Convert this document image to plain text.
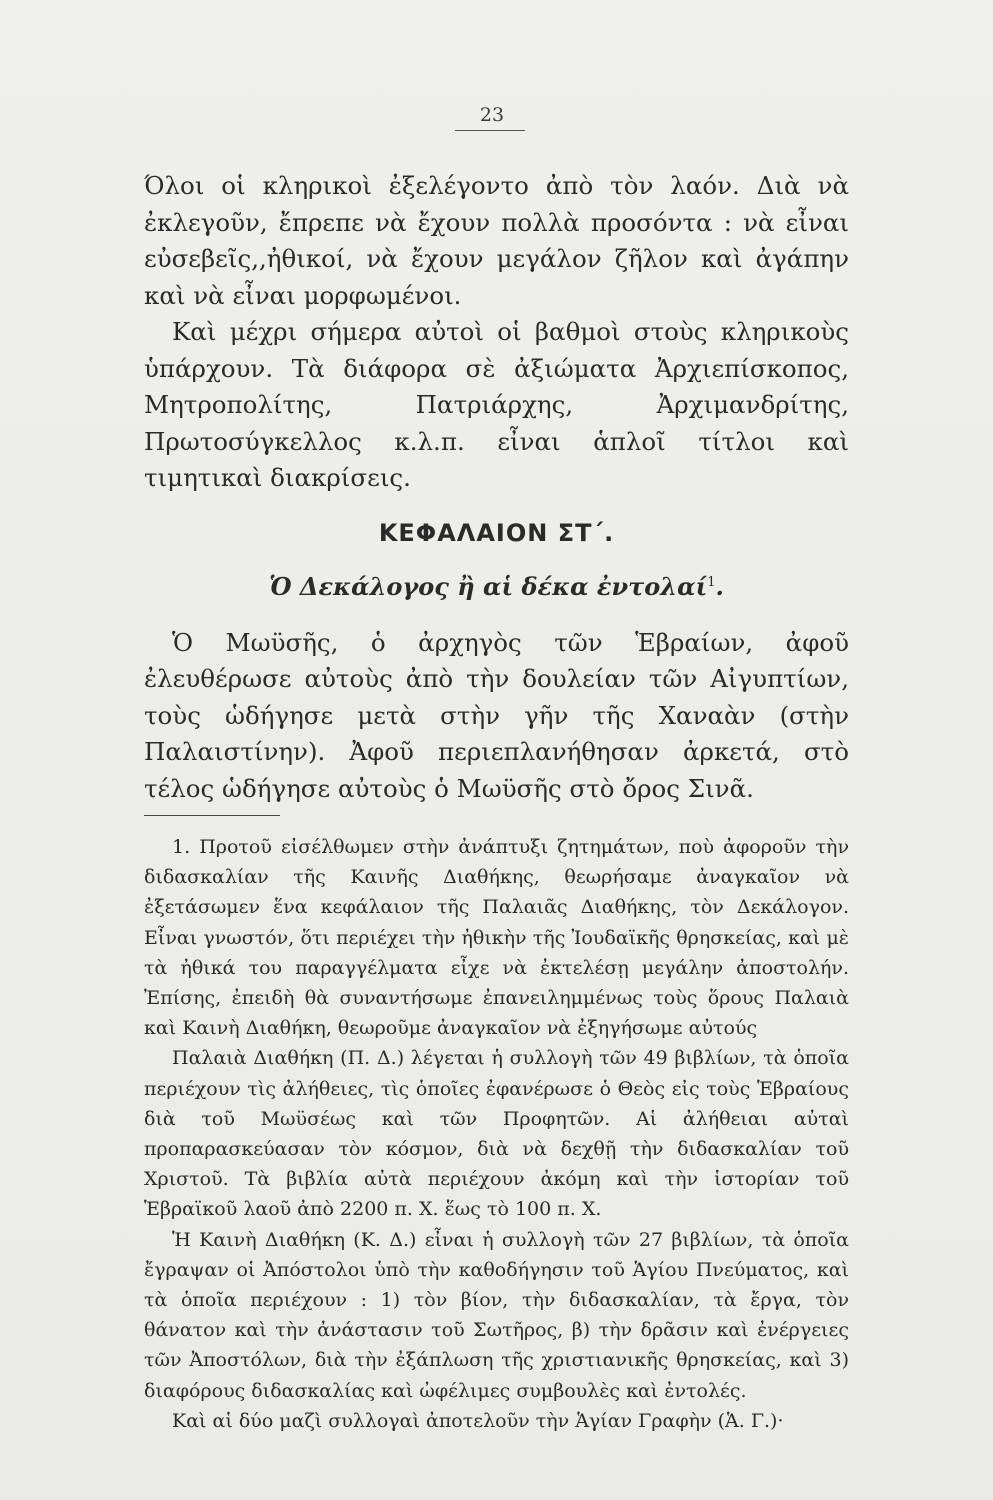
23

Όλοι οἱ κληρικοὶ ἐξελέγοντο ἀπὸ τὸν λαόν. Διὰ νὰ ἐκλεγοῦν, ἔπρεπε νὰ ἔχουν πολλὰ προσόντα : νὰ εἶναι εὐσεβεῖς,,ἠθικοί, νὰ ἔχουν μεγάλον ζῆλον καὶ ἀγάπην καὶ νὰ εἶναι μορφωμένοι.

Καὶ μέχρι σήμερα αὐτοὶ οἱ βαθμοὶ στοὺς κληρικοὺς ὑπάρχουν. Τὰ διάφορα σὲ ἀξιώματα Ἀρχιεπίσκοπος, Μητροπολίτης, Πατριάρχης, Ἀρχιμανδρίτης, Πρωτοσύγκελλος κ.λ.π. εἶναι ἁπλοῖ τίτλοι καὶ τιμητικαὶ διακρίσεις.

ΚΕΦΑΛΑΙΟΝ ΣΤ΄.
Ὁ Δεκάλογος ἢ αἱ δέκα ἐντολαί$^1$.

Ὁ Μωϋσῆς, ὁ ἀρχηγὸς τῶν Ἑβραίων, ἀφοῦ ἐλευθέρωσε αὐτοὺς ἀπὸ τὴν δουλείαν τῶν Αἰγυπτίων, τοὺς ὡδήγησε μετὰ στὴν γῆν τῆς Χαναὰν (στὴν Παλαιστίνην). Ἀφοῦ περιεπλανήθησαν ἀρκετά, στὸ τέλος ὡδήγησε αὐτοὺς ὁ Μωϋσῆς στὸ ὄρος Σινᾶ.

1. Προτοῦ εἰσέλθωμεν στὴν ἀνάπτυξι ζητημάτων, ποὺ ἀφοροῦν τὴν διδασκαλίαν τῆς Καινῆς Διαθήκης, θεωρήσαμε ἀναγκαῖον νὰ ἐξετάσωμεν ἕνα κεφάλαιον τῆς Παλαιᾶς Διαθήκης, τὸν Δεκάλογον. Εἶναι γνωστόν, ὅτι περιέχει τὴν ἠθικὴν τῆς Ἰουδαϊκῆς θρησκείας, καὶ μὲ τὰ ἠθικά του παραγγέλματα εἶχε νὰ ἐκτελέσῃ μεγάλην ἀποστολήν. Ἐπίσης, ἐπειδὴ θὰ συναντήσωμε ἐπανειλημμένως τοὺς ὅρους Παλαιὰ καὶ Καινὴ Διαθήκη, θεωροῦμε ἀναγκαῖον νὰ ἐξηγήσωμε αὐτούς

Παλαιὰ Διαθήκη (Π. Δ.) λέγεται ἡ συλλογὴ τῶν 49 βιβλίων, τὰ ὁποῖα περιέχουν τὶς ἀλήθειες, τὶς ὁποῖες ἐφανέρωσε ὁ Θεὸς εἰς τοὺς Ἑβραίους διὰ τοῦ Μωϋσέως καὶ τῶν Προφητῶν. Αἱ ἀλήθειαι αὐταὶ προπαρασκεύασαν τὸν κόσμον, διὰ νὰ δεχθῇ τὴν διδασκαλίαν τοῦ Χριστοῦ. Τὰ βιβλία αὐτὰ περιέχουν ἀκόμη καὶ τὴν ἱστορίαν τοῦ Ἑβραϊκοῦ λαοῦ ἀπὸ 2200 π. Χ. ἕως τὸ 100 π. Χ.

Ἡ Καινὴ Διαθήκη (Κ. Δ.) εἶναι ἡ συλλογὴ τῶν 27 βιβλίων, τὰ ὁποῖα ἔγραψαν οἱ Ἀπόστολοι ὑπὸ τὴν καθοδήγησιν τοῦ Ἁγίου Πνεύματος, καὶ τὰ ὁποῖα περιέχουν : 1) τὸν βίον, τὴν διδασκαλίαν, τὰ ἔργα, τὸν θάνατον καὶ τὴν ἀνάστασιν τοῦ Σωτῆρος, β) τὴν δρᾶσιν καὶ ἐνέργειες τῶν Ἀποστόλων, διὰ τὴν ἐξάπλωση τῆς χριστιανικῆς θρησκείας, καὶ 3) διαφόρους διδασκαλίας καὶ ὠφέλιμες συμβουλὲς καὶ ἐντολές.

Καὶ αἱ δύο μαζὶ συλλογαὶ ἀποτελοῦν τὴν Ἁγίαν Γραφὴν (Ἁ. Γ.)·
